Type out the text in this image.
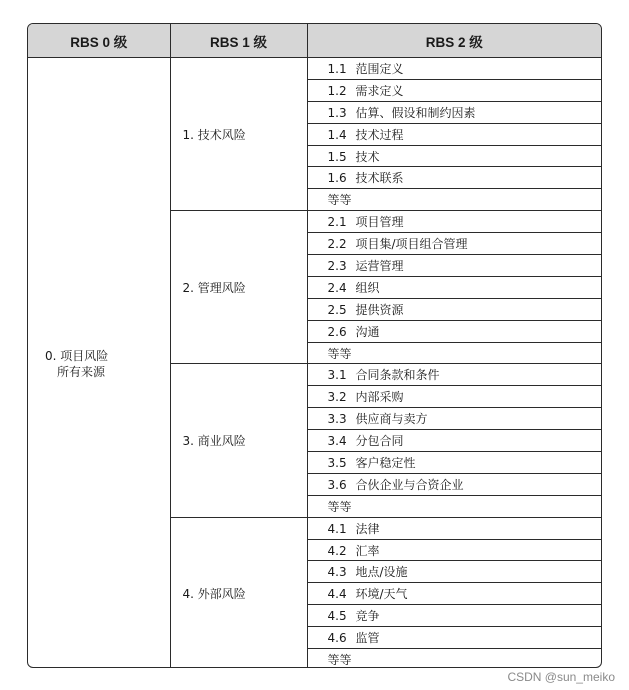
RBS 0 级	RBS 1 级	RBS 2 级

0. 项目风险
所有来源	1. 技术风险	1.1 范围定义
		1.2 需求定义
		1.3 估算、假设和制约因素
		1.4 技术过程
		1.5 技术
		1.6 技术联系
		等等
	2. 管理风险	2.1 项目管理
		2.2 项目集/项目组合管理
		2.3 运营管理
		2.4 组织
		2.5 提供资源
		2.6 沟通
		等等
	3. 商业风险	3.1 合同条款和条件
		3.2 内部采购
		3.3 供应商与卖方
		3.4 分包合同
		3.5 客户稳定性
		3.6 合伙企业与合资企业
		等等
	4. 外部风险	4.1 法律
		4.2 汇率
		4.3 地点/设施
		4.4 环境/天气
		4.5 竞争
		4.6 监管
		等等
CSDN @sun_meiko
